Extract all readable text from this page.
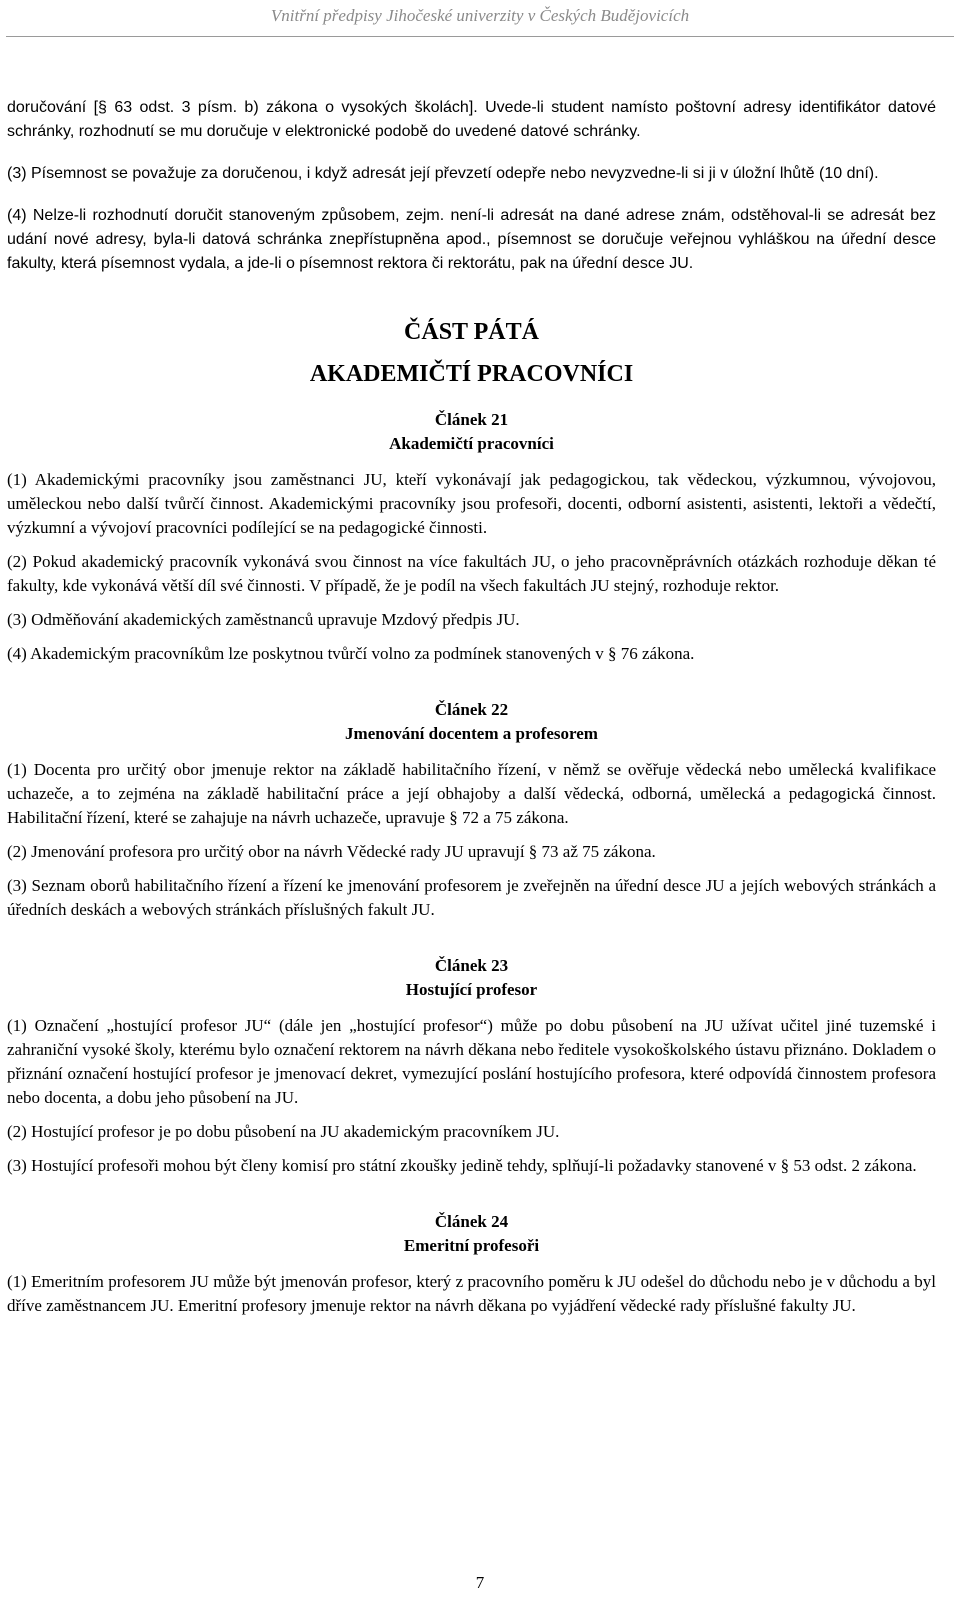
Vnitřní předpisy Jihočeské univerzity v Českých Budějovicích

doručování [§ 63 odst. 3 písm. b) zákona o vysokých školách]. Uvede-li student namísto poštovní adresy identifikátor datové schránky, rozhodnutí se mu doručuje v elektronické podobě do uvedené datové schránky.

(3) Písemnost se považuje za doručenou, i když adresát její převzetí odepře nebo nevyzvedne-li si ji v úložní lhůtě (10 dní).

(4) Nelze-li rozhodnutí doručit stanoveným způsobem, zejm. není-li adresát na dané adrese znám, odstěhoval-li se adresát bez udání nové adresy, byla-li datová schránka znepřístupněna apod., písemnost se doručuje veřejnou vyhláškou na úřední desce fakulty, která písemnost vydala, a jde-li o písemnost rektora či rektorátu, pak na úřední desce JU.

ČÁST PÁTÁ
AKADEMIČTÍ PRACOVNÍCI
Článek 21
Akademičtí pracovníci

(1) Akademickými pracovníky jsou zaměstnanci JU, kteří vykonávají jak pedagogickou, tak vědeckou, výzkumnou, vývojovou, uměleckou nebo další tvůrčí činnost. Akademickými pracovníky jsou profesoři, docenti, odborní asistenti, asistenti, lektoři a vědečtí, výzkumní a vývojoví pracovníci podílející se na pedagogické činnosti.

(2) Pokud akademický pracovník vykonává svou činnost na více fakultách JU, o jeho pracovněprávních otázkách rozhoduje děkan té fakulty, kde vykonává větší díl své činnosti. V případě, že je podíl na všech fakultách JU stejný, rozhoduje rektor.

(3) Odměňování akademických zaměstnanců upravuje Mzdový předpis JU.

(4) Akademickým pracovníkům lze poskytnou tvůrčí volno za podmínek stanovených v § 76 zákona.

Článek 22
Jmenování docentem a profesorem

(1) Docenta pro určitý obor jmenuje rektor na základě habilitačního řízení, v němž se ověřuje vědecká nebo umělecká kvalifikace uchazeče, a to zejména na základě habilitační práce a její obhajoby a další vědecká, odborná, umělecká a pedagogická činnost. Habilitační řízení, které se zahajuje na návrh uchazeče, upravuje § 72 a 75 zákona.

(2) Jmenování profesora pro určitý obor na návrh Vědecké rady JU upravují § 73 až 75 zákona.

(3) Seznam oborů habilitačního řízení a řízení ke jmenování profesorem je zveřejněn na úřední desce JU a jejích webových stránkách a úředních deskách a webových stránkách příslušných fakult JU.

Článek 23
Hostující profesor

(1) Označení „hostující profesor JU“ (dále jen „hostující profesor“) může po dobu působení na JU užívat učitel jiné tuzemské i zahraniční vysoké školy, kterému bylo označení rektorem na návrh děkana nebo ředitele vysokoškolského ústavu přiznáno. Dokladem o přiznání označení hostující profesor je jmenovací dekret, vymezující poslání hostujícího profesora, které odpovídá činnostem profesora nebo docenta, a dobu jeho působení na JU.

(2) Hostující profesor je po dobu působení na JU akademickým pracovníkem JU.

(3) Hostující profesoři mohou být členy komisí pro státní zkoušky jedině tehdy, splňují-li požadavky stanovené v § 53 odst. 2 zákona.

Článek 24
Emeritní profesoři

(1) Emeritním profesorem JU může být jmenován profesor, který z pracovního poměru k JU odešel do důchodu nebo je v důchodu a byl dříve zaměstnancem JU. Emeritní profesory jmenuje rektor na návrh děkana po vyjádření vědecké rady příslušné fakulty JU.

7
